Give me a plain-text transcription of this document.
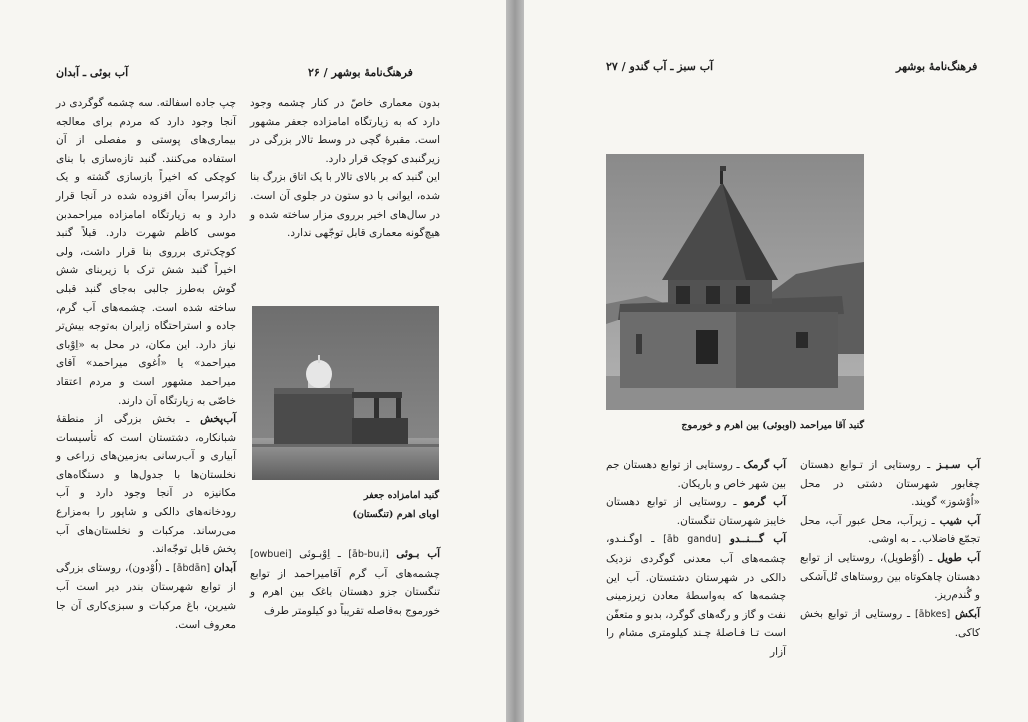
۲۶ / فرهنگ‌نامهٔ بوشهر
آب بوئی ـ آبدان

بدون معماری خاصّ در کنار چشمه وجود دارد که به زیارتگاه امامزاده جعفر مشهور است. مقبرهٔ گچی در وسط تالار بزرگی در زیرگنبدی کوچک قرار دارد.

این گنبد که بر بالای تالار با یک اتاق بزرگ بنا شده، ایوانی با دو ستون در جلوی آن است. در سال‌های اخیر برروی مزار ساخته شده و هیچ‌گونه معماری قابل توجّهی ندارد.

گنبد امامزاده جعفر
اوبای اهرم (تنگستان)

آب بـوئی [āb-bu,i] ـ اِوْبـوئی [owbuei] چشمه‌های آب گرم آقامیراحمد از توابع تنگستان جزو دهستان باغک بین اهرم و خورموج به‌فاصله تقریباً دو کیلومتر طرف

چپ جاده اسفالته. سه چشمه گوگردی در آنجا وجود دارد که مردم برای معالجه بیماری‌های پوستی و مفصلی از آن استفاده می‌کنند. گنبد تازه‌سازی با بنای کوچکی که اخیراً بازسازی گشته و یک زائرسرا به‌آن افزوده شده در آنجا قرار دارد و به زیارتگاه امامزاده میراحمدبن موسی کاظم شهرت دارد. قبلاً گنبد کوچک‌تری برروی بنا قرار داشت، ولی اخیراً گنبد شش ترک با زیربنای شش گوش به‌طرز جالبی به‌جای گنبد قبلی ساخته شده است. چشمه‌های آب گرم، جاده و استراحتگاه زایران به‌توجه بیش‌تر نیاز دارد. این مکان، در محل به «اِوْبای میراحمد» یا «اُغوی میراحمد» آقای میراحمد مشهور است و مردم اعتقاد خاصّی به زیارتگاه آن دارند.

آب‌پخش ـ بخش بزرگی از منطقهٔ شبانکاره، دشتستان است که تأسیسات آبیاری و آب‌رسانی به‌زمین‌های زراعی و نخلستان‌ها با جدول‌ها و دستگاه‌های مکانیزه در آنجا وجود دارد و آب رودخانه‌های دالکی و شاپور را به‌مزارع می‌رساند. مرکبات و نخلستان‌های آب پخش قابل توجّه‌اند.

آبدان [ābdān] ـ (اُوْدون)، روستای بزرگی از توابع شهرستان بندر دیر است آب شیرین، باغ مرکبات و سبزی‌کاری آن جا معروف است.

فرهنگ‌نامهٔ بوشهر
آب سبز ـ آب گندو / ۲۷
گنبد آقا میراحمد (اوبوئی) بین اهرم و خورموج

آب سـبـز ـ روستایی از تـوابع دهستان چغابور شهرستان دشتی در محل «اُوْشوز» گویند.

آب شیب ـ زیرآب، محل عبور آب، محل تجمّع فاضلاب. ـ به اوشی.

آب طویل ـ (اُوْطویل)، روستایی از توابع دهستان چاهکوتاه بین روستاهای تُل‌آشکی و گُندم‌ریز.

آبکش [ābkes] ـ روستایی از توابع بخش کاکی.

آب گرمک ـ روستایی از توابع دهستان جم بین شهر خاص و باریکان.

آب گرمو ـ روستایی از توابع دهستان خایبز شهرستان تنگستان.

آب گـــنــدو [āb gandu] ـ اوگـنـدو، چشمه‌های آب معدنی گوگردی نزدیک دالکی در شهرستان دشتستان. آب این چشمه‌ها که به‌واسطهٔ معادن زیرزمینی نفت و گاز و رگه‌های گوگرد، بدبو و متعفّن است تـا فـاصلهٔ چـند کیلومتری مشام را آزار
